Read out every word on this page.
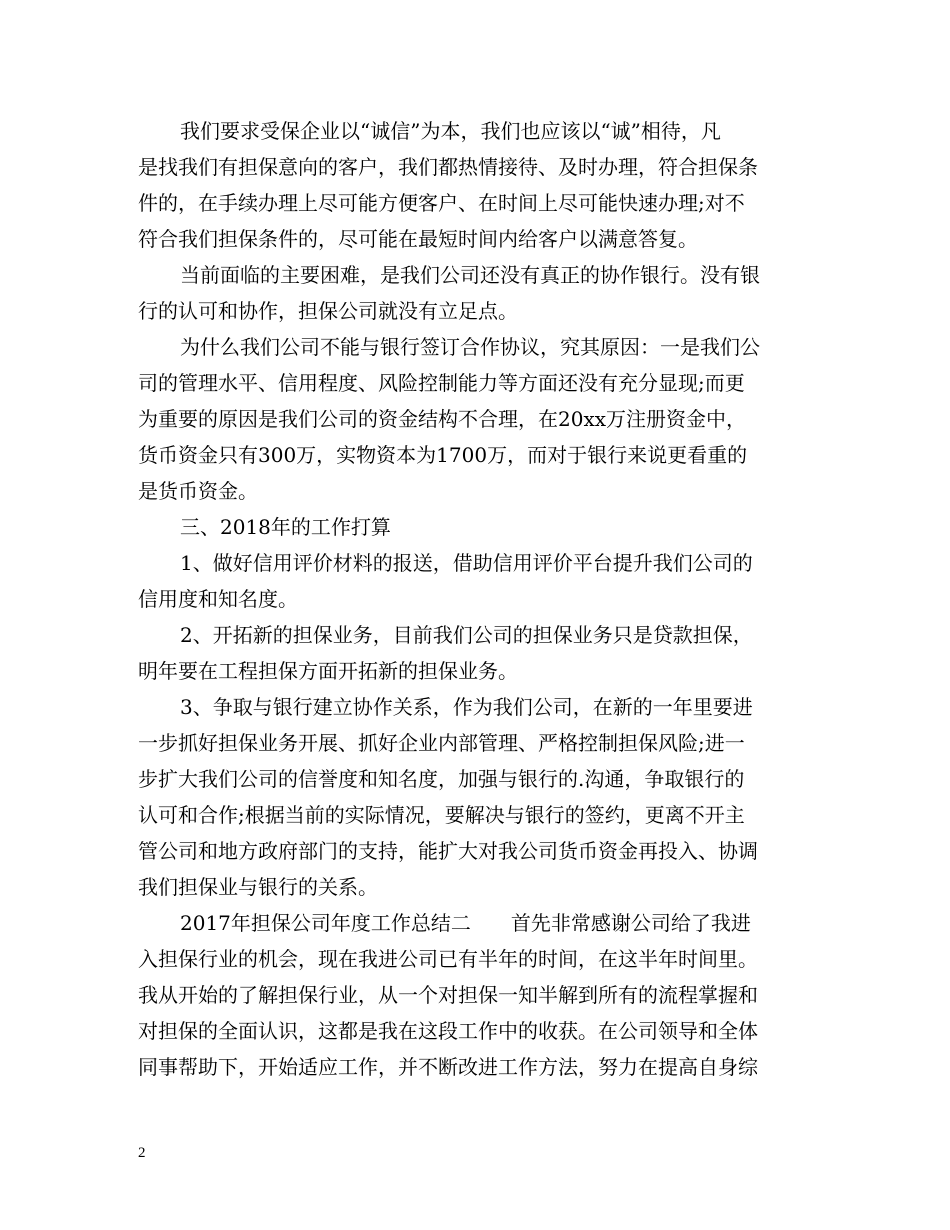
我们要求受保企业以“诚信”为本，我们也应该以“诚”相待，凡
是找我们有担保意向的客户，我们都热情接待、及时办理，符合担保条
件的，在手续办理上尽可能方便客户、在时间上尽可能快速办理;对不
符合我们担保条件的，尽可能在最短时间内给客户以满意答复。
当前面临的主要困难，是我们公司还没有真正的协作银行。没有银
行的认可和协作，担保公司就没有立足点。
为什么我们公司不能与银行签订合作协议，究其原因：一是我们公
司的管理水平、信用程度、风险控制能力等方面还没有充分显现;而更
为重要的原因是我们公司的资金结构不合理，在20xx万注册资金中，
货币资金只有300万，实物资本为1700万，而对于银行来说更看重的
是货币资金。
三、2018年的工作打算
1、做好信用评价材料的报送，借助信用评价平台提升我们公司的
信用度和知名度。
2、开拓新的担保业务，目前我们公司的担保业务只是贷款担保，
明年要在工程担保方面开拓新的担保业务。
3、争取与银行建立协作关系，作为我们公司，在新的一年里要进
一步抓好担保业务开展、抓好企业内部管理、严格控制担保风险;进一
步扩大我们公司的信誉度和知名度，加强与银行的.沟通，争取银行的
认可和合作;根据当前的实际情况，要解决与银行的签约，更离不开主
管公司和地方政府部门的支持，能扩大对我公司货币资金再投入、协调
我们担保业与银行的关系。
2017年担保公司年度工作总结二　　首先非常感谢公司给了我进
入担保行业的机会，现在我进公司已有半年的时间，在这半年时间里。
我从开始的了解担保行业，从一个对担保一知半解到所有的流程掌握和
对担保的全面认识，这都是我在这段工作中的收获。在公司领导和全体
同事帮助下，开始适应工作，并不断改进工作方法，努力在提高自身综
2
